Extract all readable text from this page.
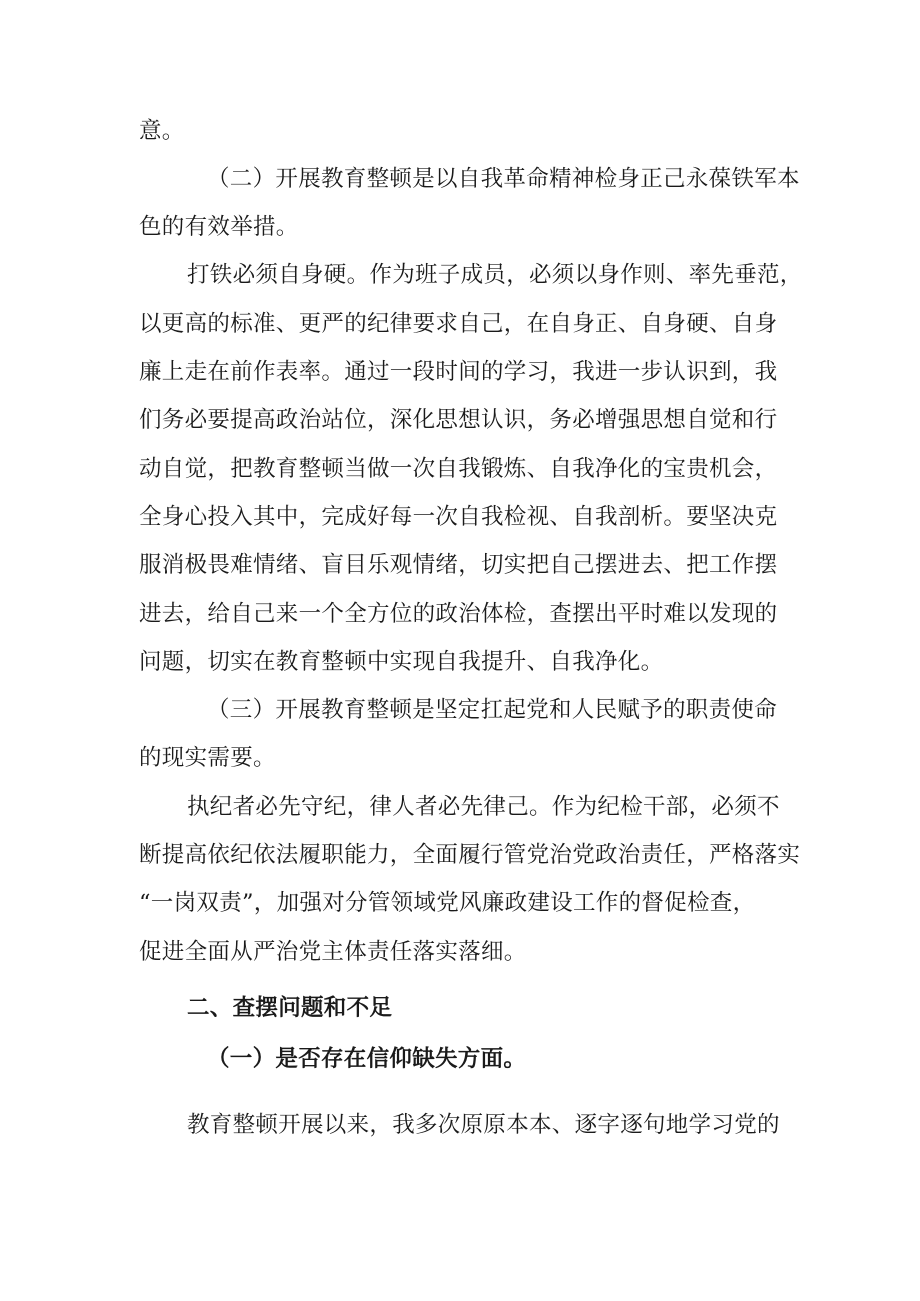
意。
（二）开展教育整顿是以自我革命精神检身正己永葆铁军本
色的有效举措。
打铁必须自身硬。作为班子成员，必须以身作则、率先垂范，
以更高的标准、更严的纪律要求自己，在自身正、自身硬、自身
廉上走在前作表率。通过一段时间的学习，我进一步认识到，我
们务必要提高政治站位，深化思想认识，务必增强思想自觉和行
动自觉，把教育整顿当做一次自我锻炼、自我净化的宝贵机会，
全身心投入其中，完成好每一次自我检视、自我剖析。要坚决克
服消极畏难情绪、盲目乐观情绪，切实把自己摆进去、把工作摆
进去，给自己来一个全方位的政治体检，查摆出平时难以发现的
问题，切实在教育整顿中实现自我提升、自我净化。
（三）开展教育整顿是坚定扛起党和人民赋予的职责使命
的现实需要。
执纪者必先守纪，律人者必先律己。作为纪检干部，必须不
断提高依纪依法履职能力，全面履行管党治党政治责任，严格落实
“一岗双责”，加强对分管领域党风廉政建设工作的督促检查，
促进全面从严治党主体责任落实落细。
二、查摆问题和不足
（一）是否存在信仰缺失方面。
教育整顿开展以来，我多次原原本本、逐字逐句地学习党的
